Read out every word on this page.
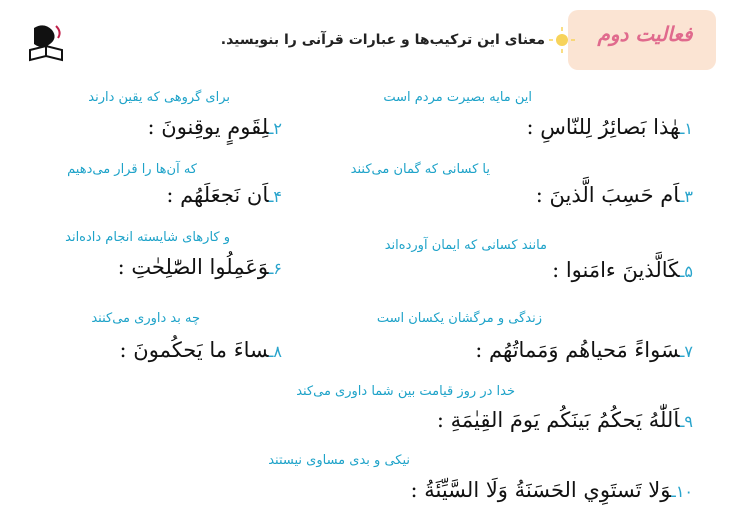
فعالیت دوم
معنای این ترکیب‌ها و عبارات قرآنی را بنویسید.
این مایه بصیرت مردم است
۱ـهٰذا بَصائِرُ لِلنّاسِ :
برای گروهی که یقین دارند
۲ـلِقَومٍ يوقِنونَ :
یا کسانی که گمان می‌کنند
۳ـاَم حَسِبَ الَّذينَ :
که آن‌ها را قرار می‌دهیم
۴ـاَن نَجعَلَهُم :
مانند کسانی که ایمان آورده‌اند
۵ـكَالَّذينَ ءامَنوا :
و کارهای شایسته انجام داده‌اند
۶ـوَعَمِلُوا الصّٰلِحٰتِ :
زندگی و مرگشان یکسان است
۷ـسَواءً مَحياهُم وَمَماتُهُم :
چه بد داوری می‌کنند
۸ـساءَ ما يَحكُمونَ :
خدا در روز قیامت بین شما داوری می‌کند
۹ـاَللّٰهُ يَحكُمُ بَينَكُم يَومَ القِيٰمَةِ :
نیکی و بدی مساوی نیستند
۱۰ـوَلا تَستَوِي الحَسَنَةُ وَلَا السَّيِّئَةُ :
